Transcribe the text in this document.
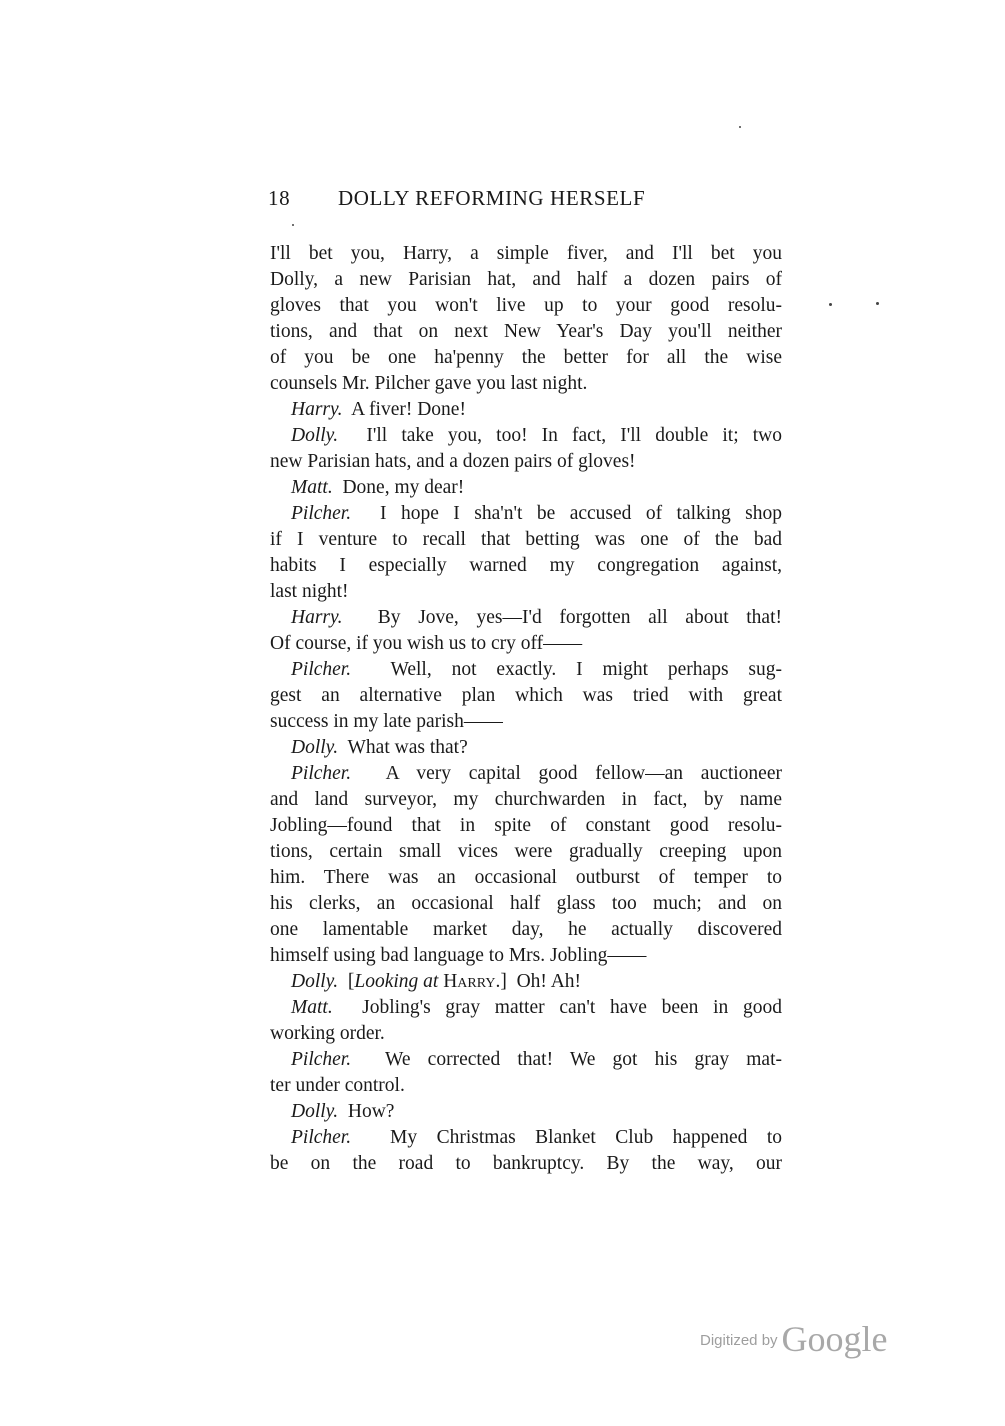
18 DOLLY REFORMING HERSELF
I'll bet you, Harry, a simple fiver, and I'll bet you
Dolly, a new Parisian hat, and half a dozen pairs of
gloves that you won't live up to your good resolu-
tions, and that on next New Year's Day you'll neither
of you be one ha'penny the better for all the wise
counsels Mr. Pilcher gave you last night.
Harry. A fiver! Done!
Dolly. I'll take you, too! In fact, I'll double it; two
new Parisian hats, and a dozen pairs of gloves!
Matt. Done, my dear!
Pilcher. I hope I sha'n't be accused of talking shop
if I venture to recall that betting was one of the bad
habits I especially warned my congregation against,
last night!
Harry. By Jove, yes—I'd forgotten all about that!
Of course, if you wish us to cry off——
Pilcher. Well, not exactly. I might perhaps sug-
gest an alternative plan which was tried with great
success in my late parish——
Dolly. What was that?
Pilcher. A very capital good fellow—an auctioneer
and land surveyor, my churchwarden in fact, by name
Jobling—found that in spite of constant good resolu-
tions, certain small vices were gradually creeping upon
him. There was an occasional outburst of temper to
his clerks, an occasional half glass too much; and on
one lamentable market day, he actually discovered
himself using bad language to Mrs. Jobling——
Dolly. [Looking at Harry.] Oh! Ah!
Matt. Jobling's gray matter can't have been in good
working order.
Pilcher. We corrected that! We got his gray mat-
ter under control.
Dolly. How?
Pilcher. My Christmas Blanket Club happened to
be on the road to bankruptcy. By the way, our
Digitized by Google
